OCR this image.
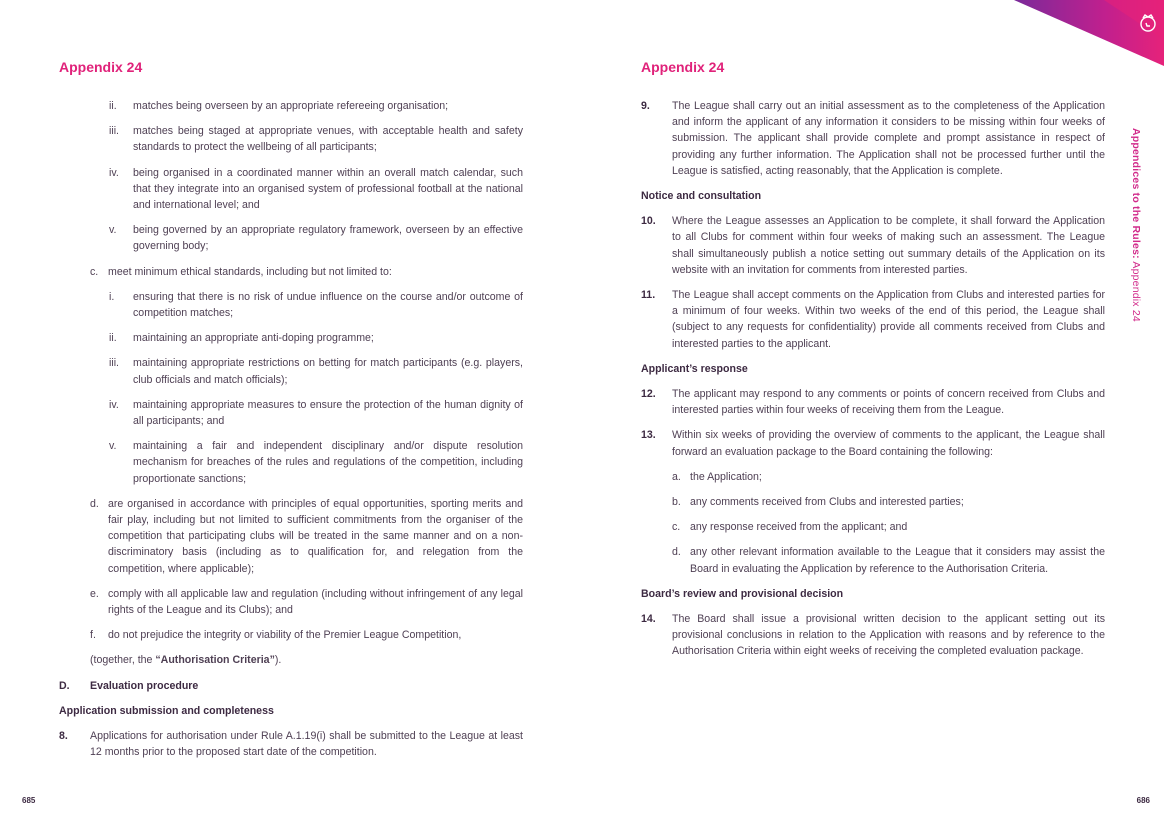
Appendix 24
ii.	matches being overseen by an appropriate refereeing organisation;
iii.	matches being staged at appropriate venues, with acceptable health and safety standards to protect the wellbeing of all participants;
iv.	being organised in a coordinated manner within an overall match calendar, such that they integrate into an organised system of professional football at the national and international level; and
v.	being governed by an appropriate regulatory framework, overseen by an effective governing body;
c. meet minimum ethical standards, including but not limited to:
i.	ensuring that there is no risk of undue influence on the course and/or outcome of competition matches;
ii.	maintaining an appropriate anti-doping programme;
iii.	maintaining appropriate restrictions on betting for match participants (e.g. players, club officials and match officials);
iv.	maintaining appropriate measures to ensure the protection of the human dignity of all participants; and
v.	maintaining a fair and independent disciplinary and/or dispute resolution mechanism for breaches of the rules and regulations of the competition, including proportionate sanctions;
d. are organised in accordance with principles of equal opportunities, sporting merits and fair play, including but not limited to sufficient commitments from the organiser of the competition that participating clubs will be treated in the same manner and on a non-discriminatory basis (including as to qualification for, and relegation from the competition, where applicable);
e. comply with all applicable law and regulation (including without infringement of any legal rights of the League and its Clubs); and
f.	do not prejudice the integrity or viability of the Premier League Competition,
(together, the “Authorisation Criteria”).
D.	Evaluation procedure
Application submission and completeness
8.	Applications for authorisation under Rule A.1.19(i) shall be submitted to the League at least 12 months prior to the proposed start date of the competition.
685
Appendix 24
9.	The League shall carry out an initial assessment as to the completeness of the Application and inform the applicant of any information it considers to be missing within four weeks of submission. The applicant shall provide complete and prompt assistance in respect of providing any further information. The Application shall not be processed further until the League is satisfied, acting reasonably, that the Application is complete.
Notice and consultation
10.	Where the League assesses an Application to be complete, it shall forward the Application to all Clubs for comment within four weeks of making such an assessment. The League shall simultaneously publish a notice setting out summary details of the Application on its website with an invitation for comments from interested parties.
11.	The League shall accept comments on the Application from Clubs and interested parties for a minimum of four weeks. Within two weeks of the end of this period, the League shall (subject to any requests for confidentiality) provide all comments received from Clubs and interested parties to the applicant.
Applicant’s response
12.	The applicant may respond to any comments or points of concern received from Clubs and interested parties within four weeks of receiving them from the League.
13.	Within six weeks of providing the overview of comments to the applicant, the League shall forward an evaluation package to the Board containing the following:
a. the Application;
b. any comments received from Clubs and interested parties;
c. any response received from the applicant; and
d. any other relevant information available to the League that it considers may assist the Board in evaluating the Application by reference to the Authorisation Criteria.
Board’s review and provisional decision
14.	The Board shall issue a provisional written decision to the applicant setting out its provisional conclusions in relation to the Application with reasons and by reference to the Authorisation Criteria within eight weeks of receiving the completed evaluation package.
686
Appendices to the Rules: Appendix 24
